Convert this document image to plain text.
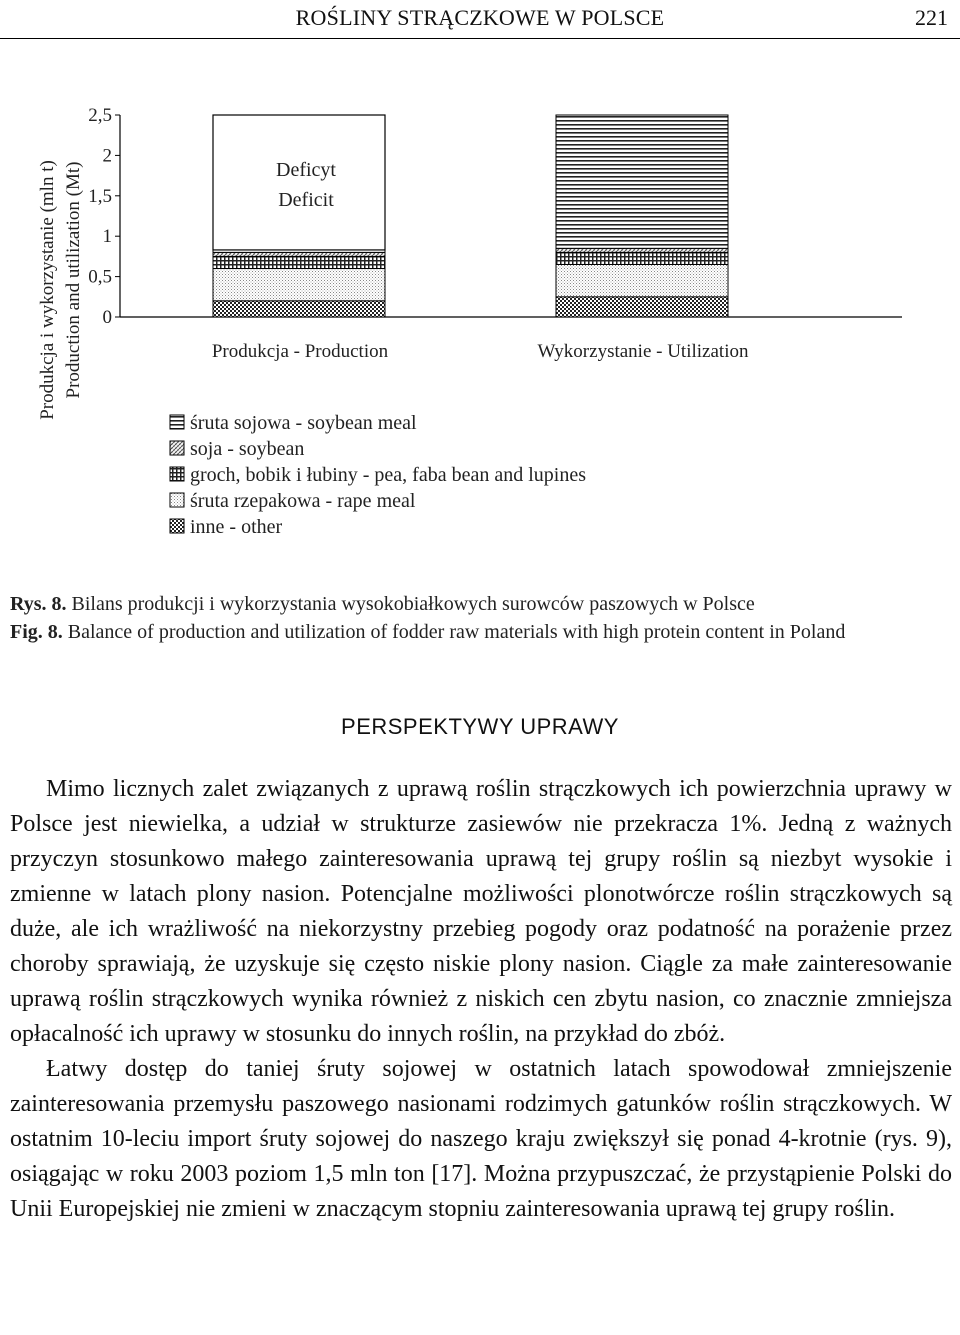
ROŚLINY STRĄCZKOWE W POLSCE	221
Produkcja i wykorzystanie (mln t) Production and utilization (Mt)
2,5
2
1,5
1
0,5
0
Deficyt
Deficit
Produkcja - Production	Wykorzystanie - Utilization
śruta sojowa - soybean meal
soja - soybean
groch, bobik i łubiny - pea, faba bean and lupines
śruta rzepakowa - rape meal
inne - other
Rys. 8. Bilans produkcji i wykorzystania wysokobiałkowych surowców paszowych w Polsce
Fig. 8. Balance of production and utilization of fodder raw materials with high protein content in Poland
PERSPEKTYWY UPRAWY

Mimo licznych zalet związanych z uprawą roślin strączkowych ich powierzchnia uprawy w Polsce jest niewielka, a udział w strukturze zasiewów nie przekracza 1%. Jedną z ważnych przyczyn stosunkowo małego zainteresowania uprawą tej grupy roślin są niezbyt wysokie i zmienne w latach plony nasion. Potencjalne możliwości plonotwórcze roślin strączkowych są duże, ale ich wrażliwość na niekorzystny przebieg pogody oraz podatność na porażenie przez choroby sprawiają, że uzyskuje się często niskie plony nasion. Ciągle za małe zainteresowanie uprawą roślin strączkowych wynika również z niskich cen zbytu nasion, co znacznie zmniejsza opłacalność ich uprawy w stosunku do innych roślin, na przykład do zbóż.

Łatwy dostęp do taniej śruty sojowej w ostatnich latach spowodował zmniejszenie zainteresowania przemysłu paszowego nasionami rodzimych gatunków roślin strączkowych. W ostatnim 10-leciu import śruty sojowej do naszego kraju zwiększył się ponad 4-krotnie (rys. 9), osiągając w roku 2003 poziom 1,5 mln ton [17]. Można przypuszczać, że przystąpienie Polski do Unii Europejskiej nie zmieni w znaczącym stopniu zainteresowania uprawą tej grupy roślin.
